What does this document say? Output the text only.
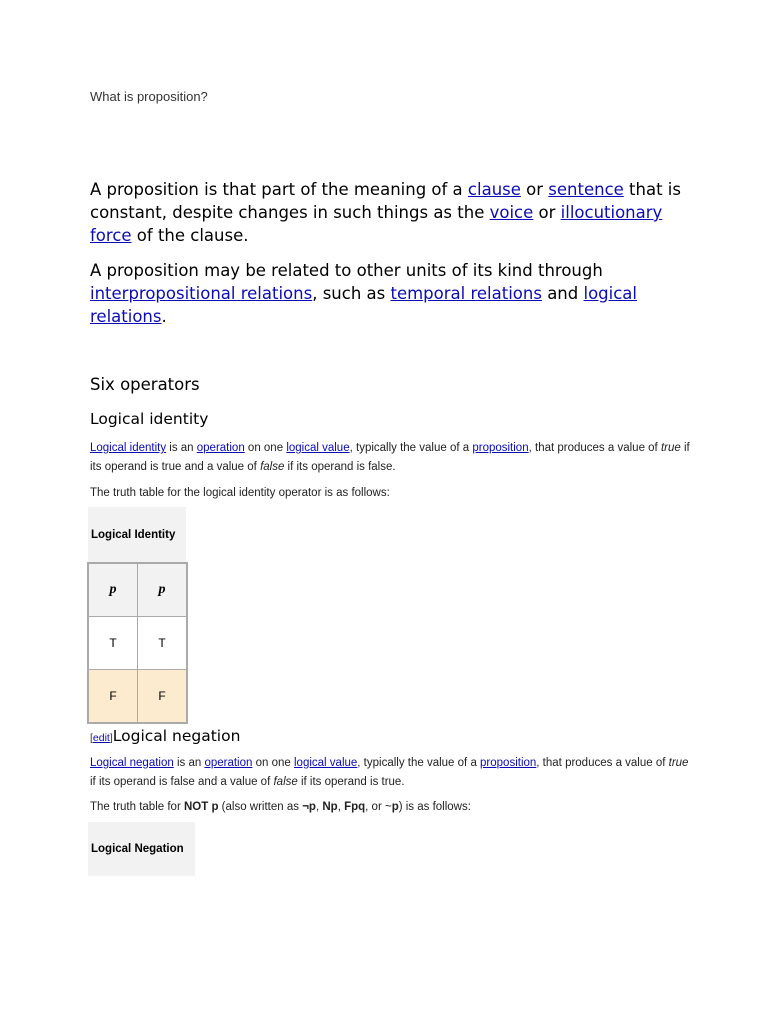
What is proposition?
A proposition is that part of the meaning of a clause or sentence that is constant, despite changes in such things as the voice or illocutionary force of the clause.
A proposition may be related to other units of its kind through interpropositional relations, such as temporal relations and logical relations.
Six operators
Logical identity
Logical identity is an operation on one logical value, typically the value of a proposition, that produces a value of true if its operand is true and a value of false if its operand is false.
The truth table for the logical identity operator is as follows:
Logical Identity
p	p
T	T
F	F
[edit]Logical negation
Logical negation is an operation on one logical value, typically the value of a proposition, that produces a value of true if its operand is false and a value of false if its operand is true.
The truth table for NOT p (also written as ¬p, Np, Fpq, or ~p) is as follows:
Logical Negation
